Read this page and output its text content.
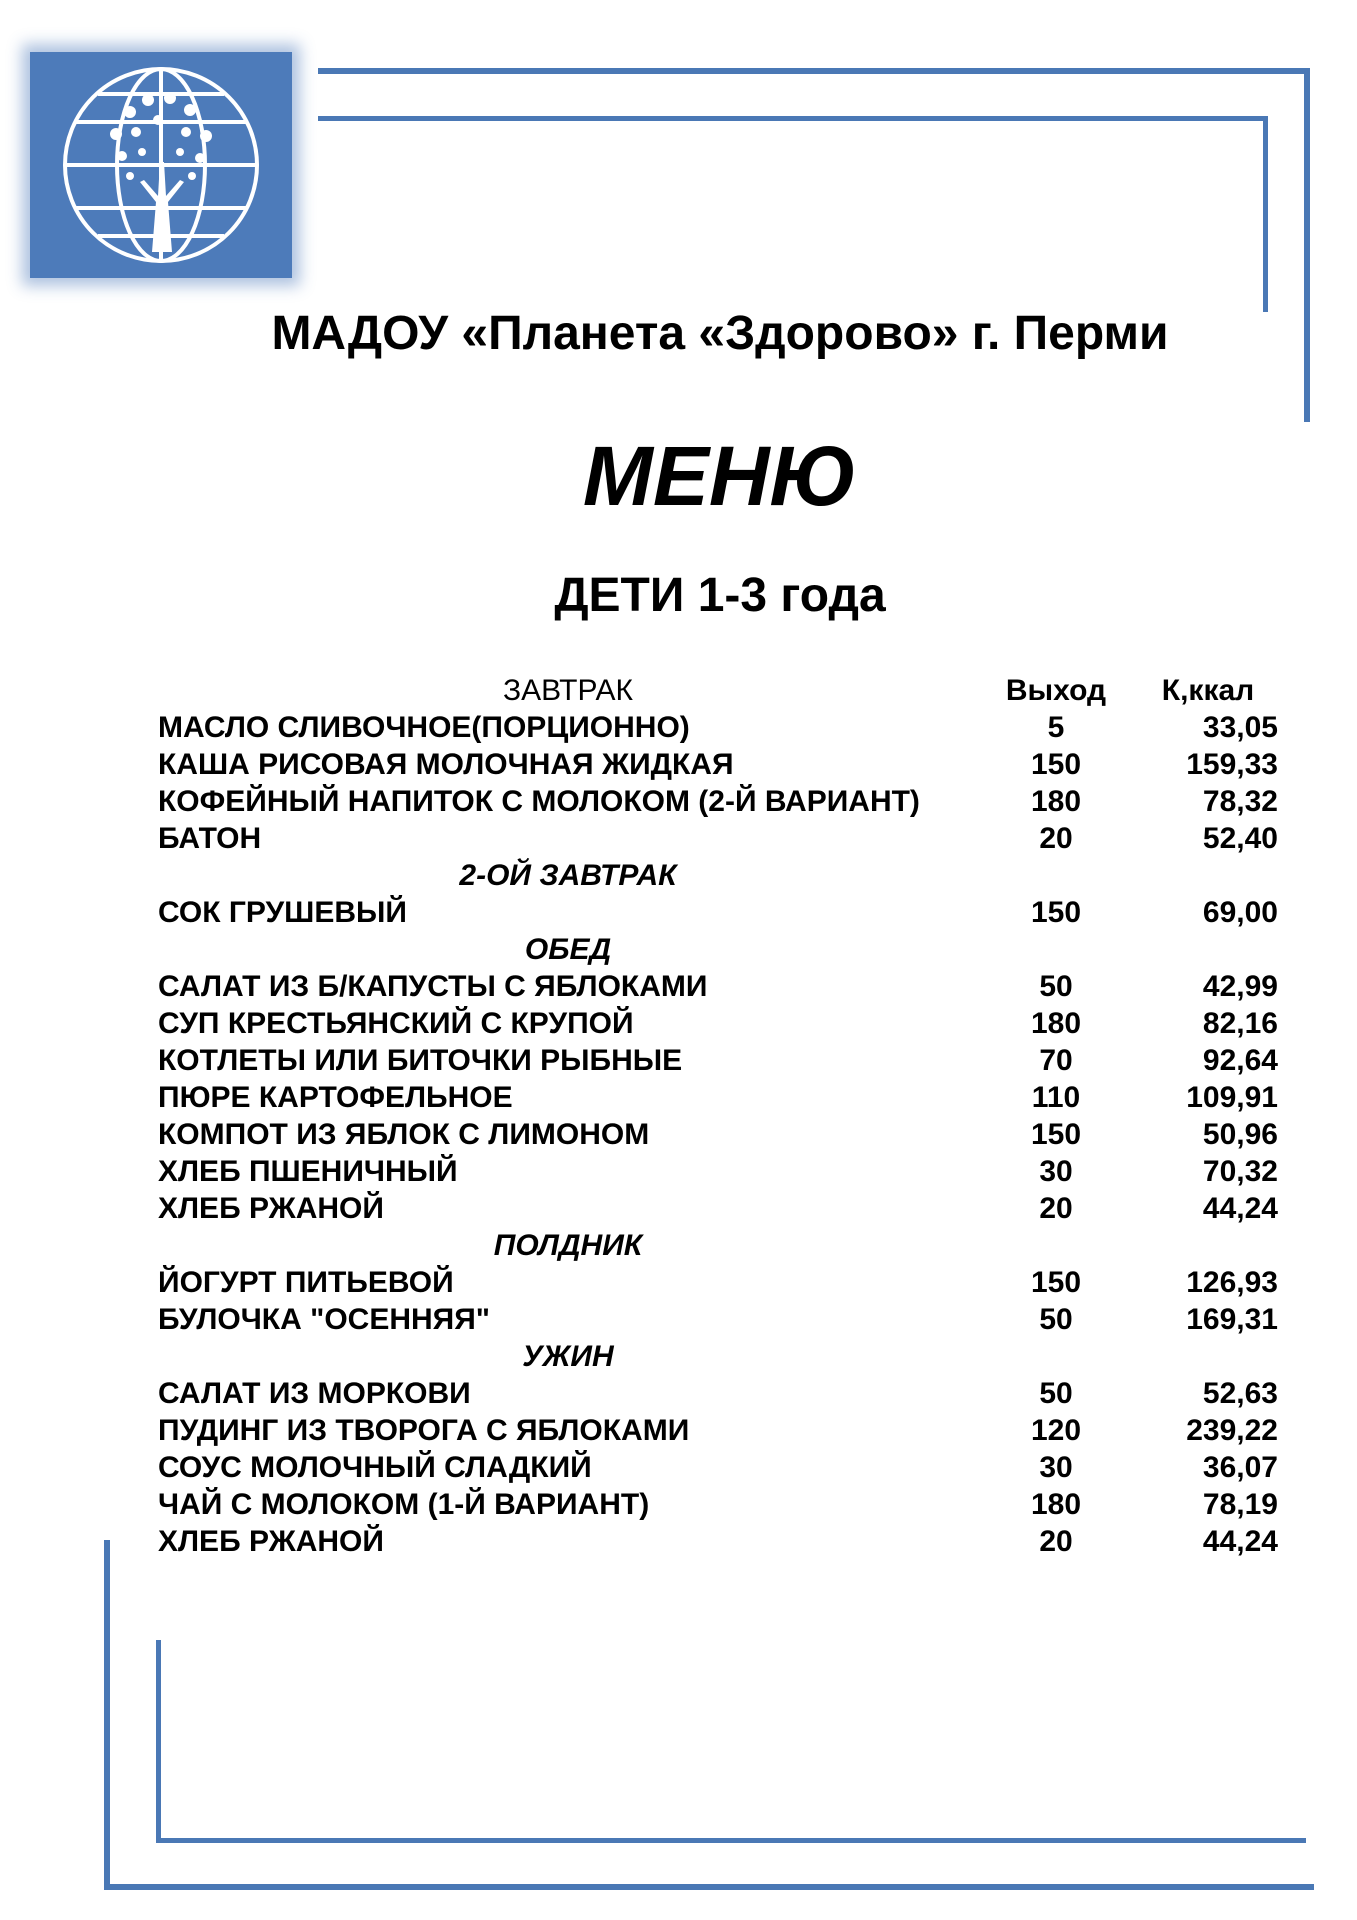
МАДОУ «Планета «Здорово» г. Перми
МЕНЮ
ДЕТИ 1-3 года
ЗАВТРАК	Выход	К,ккал
МАСЛО СЛИВОЧНОЕ(ПОРЦИОННО)	5	33,05
КАША РИСОВАЯ МОЛОЧНАЯ ЖИДКАЯ	150	159,33
КОФЕЙНЫЙ НАПИТОК С МОЛОКОМ (2-Й ВАРИАНТ)	180	78,32
БАТОН	20	52,40
2-ОЙ ЗАВТРАК
СОК ГРУШЕВЫЙ	150	69,00
ОБЕД
САЛАТ ИЗ Б/КАПУСТЫ С ЯБЛОКАМИ	50	42,99
СУП КРЕСТЬЯНСКИЙ С КРУПОЙ	180	82,16
КОТЛЕТЫ ИЛИ БИТОЧКИ РЫБНЫЕ	70	92,64
ПЮРЕ КАРТОФЕЛЬНОЕ	110	109,91
КОМПОТ ИЗ ЯБЛОК С ЛИМОНОМ	150	50,96
ХЛЕБ ПШЕНИЧНЫЙ	30	70,32
ХЛЕБ РЖАНОЙ	20	44,24
ПОЛДНИК
ЙОГУРТ ПИТЬЕВОЙ	150	126,93
БУЛОЧКА "ОСЕННЯЯ"	50	169,31
УЖИН
САЛАТ ИЗ МОРКОВИ	50	52,63
ПУДИНГ ИЗ ТВОРОГА С ЯБЛОКАМИ	120	239,22
СОУС МОЛОЧНЫЙ СЛАДКИЙ	30	36,07
ЧАЙ С МОЛОКОМ (1-Й ВАРИАНТ)	180	78,19
ХЛЕБ РЖАНОЙ	20	44,24
